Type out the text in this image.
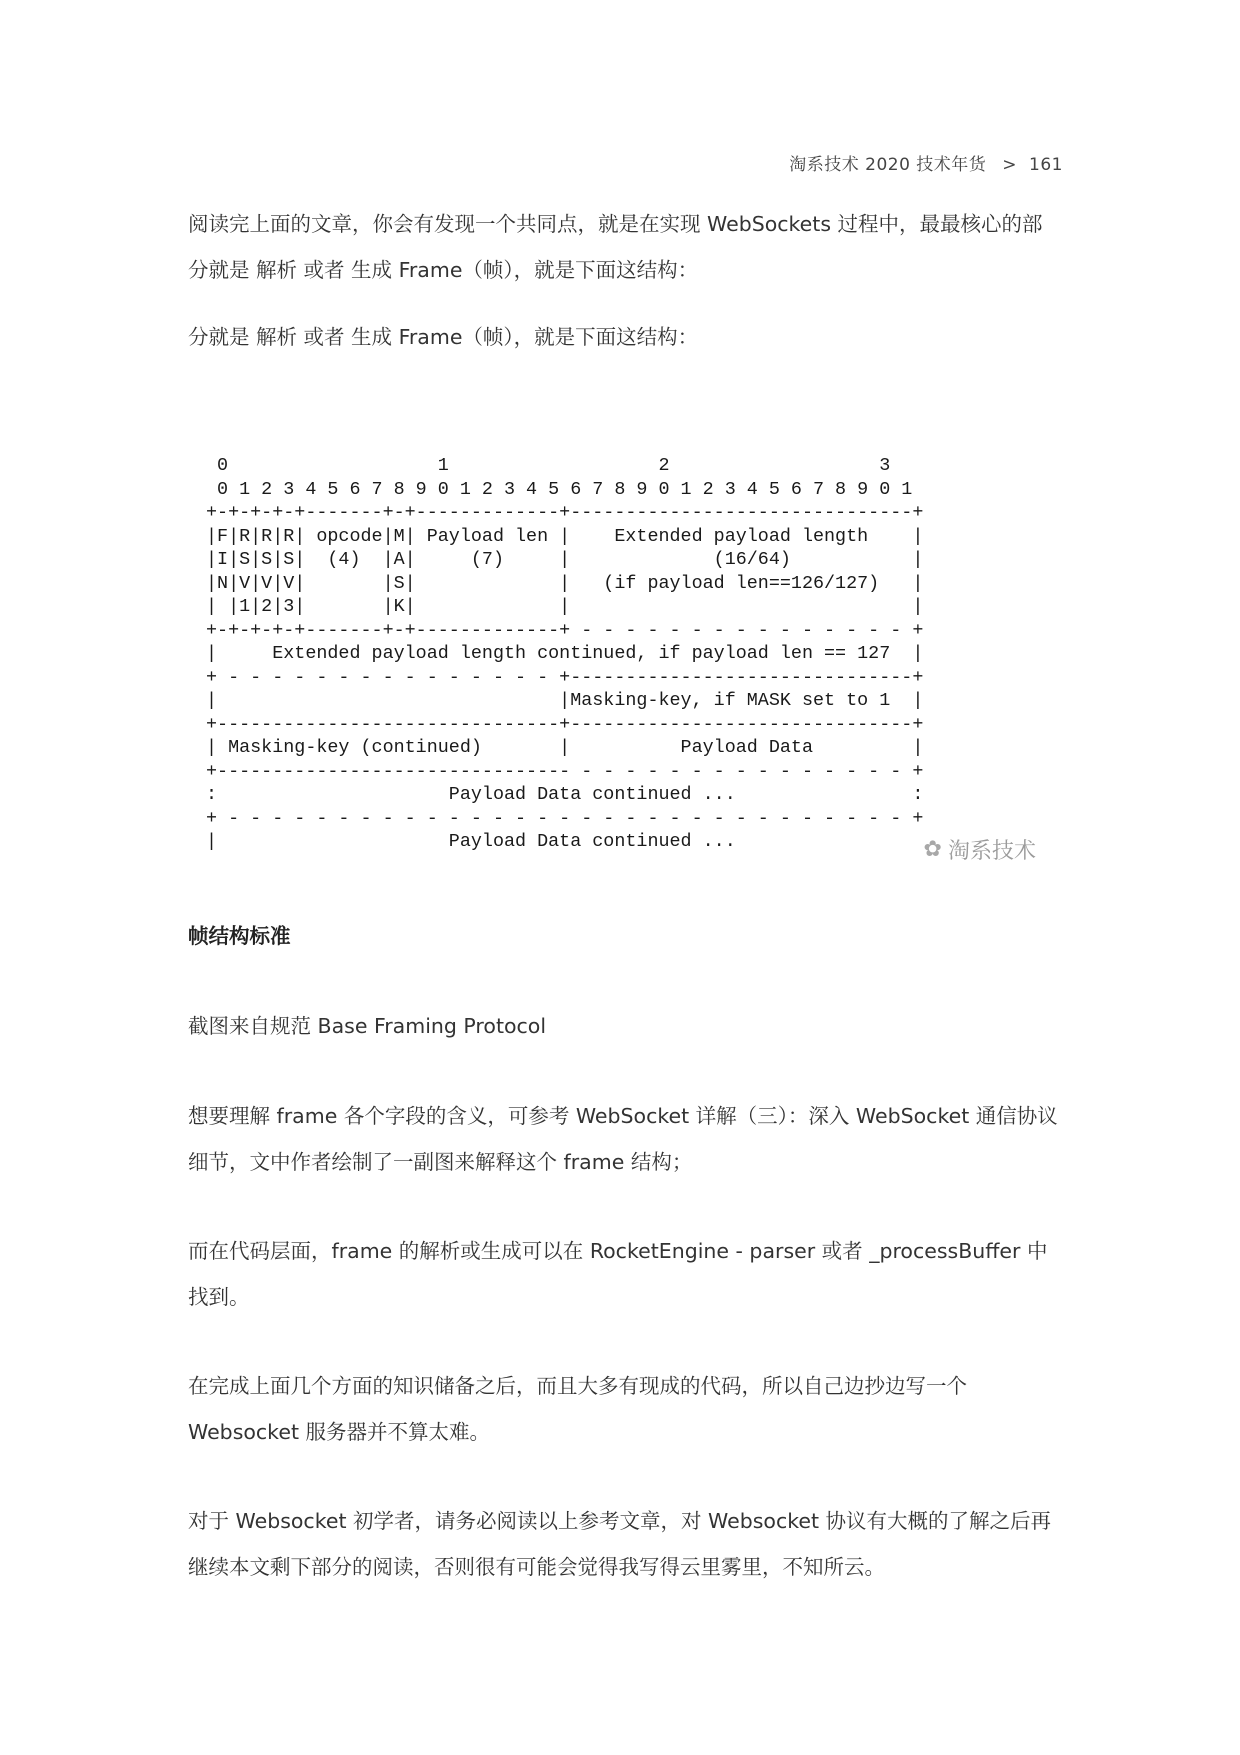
淘系技术 2020 技术年货 > 161

阅读完上面的文章，你会有发现一个共同点，就是在实现 WebSockets 过程中，最最核心的部分就是 解析 或者 生成 Frame（帧），就是下面这结构：

分就是 解析 或者 生成 Frame（帧），就是下面这结构：

0                   1                   2                   3
0 1 2 3 4 5 6 7 8 9 0 1 2 3 4 5 6 7 8 9 0 1 2 3 4 5 6 7 8 9 0 1
+-+-+-+-+-------+-+-------------+-------------------------------+
|F|R|R|R| opcode|M| Payload len |    Extended payload length    |
|I|S|S|S|  (4)  |A|     (7)     |             (16/64)           |
|N|V|V|V|       |S|             |   (if payload len==126/127)   |
| |1|2|3|       |K|             |                               |
+-+-+-+-+-------+-+-------------+ - - - - - - - - - - - - - - - +
|     Extended payload length continued, if payload len == 127  |
+ - - - - - - - - - - - - - - - +-------------------------------+
|                               |Masking-key, if MASK set to 1  |
+-------------------------------+-------------------------------+
| Masking-key (continued)       |          Payload Data         |
+-------------------------------- - - - - - - - - - - - - - - - +
:                     Payload Data continued ...                :
+ - - - - - - - - - - - - - - - - - - - - - - - - - - - - - - - +
|                     Payload Data continued ...	✿ 淘系技术

帧结构标准

截图来自规范 Base Framing Protocol

想要理解 frame 各个字段的含义，可参考 WebSocket 详解（三）：深入 WebSocket 通信协议细节，文中作者绘制了一副图来解释这个 frame 结构；

而在代码层面，frame 的解析或生成可以在 RocketEngine - parser 或者 _processBuffer 中找到。

在完成上面几个方面的知识储备之后，而且大多有现成的代码，所以自己边抄边写一个 Websocket 服务器并不算太难。

对于 Websocket 初学者，请务必阅读以上参考文章，对 Websocket 协议有大概的了解之后再继续本文剩下部分的阅读，否则很有可能会觉得我写得云里雾里，不知所云。
